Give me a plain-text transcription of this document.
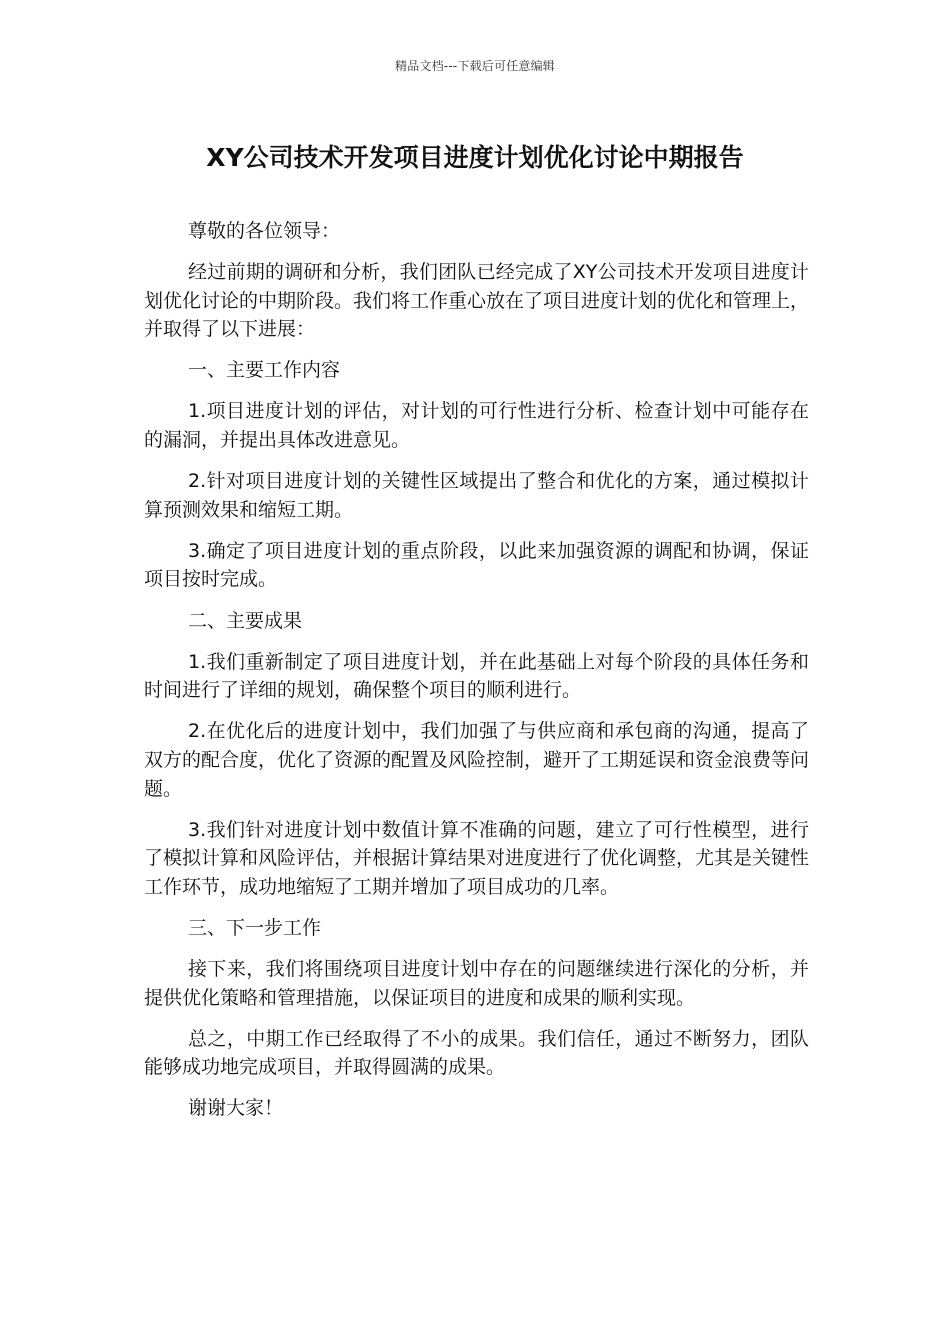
精品文档---下载后可任意编辑
XY公司技术开发项目进度计划优化讨论中期报告

尊敬的各位领导：

经过前期的调研和分析，我们团队已经完成了XY公司技术开发项目进度计划优化讨论的中期阶段。我们将工作重心放在了项目进度计划的优化和管理上，并取得了以下进展：

一、主要工作内容

1.项目进度计划的评估，对计划的可行性进行分析、检查计划中可能存在的漏洞，并提出具体改进意见。

2.针对项目进度计划的关键性区域提出了整合和优化的方案，通过模拟计算预测效果和缩短工期。

3.确定了项目进度计划的重点阶段，以此来加强资源的调配和协调，保证项目按时完成。

二、主要成果

1.我们重新制定了项目进度计划，并在此基础上对每个阶段的具体任务和时间进行了详细的规划，确保整个项目的顺利进行。

2.在优化后的进度计划中，我们加强了与供应商和承包商的沟通，提高了双方的配合度，优化了资源的配置及风险控制，避开了工期延误和资金浪费等问题。

3.我们针对进度计划中数值计算不准确的问题，建立了可行性模型，进行了模拟计算和风险评估，并根据计算结果对进度进行了优化调整，尤其是关键性工作环节，成功地缩短了工期并增加了项目成功的几率。

三、下一步工作

接下来，我们将围绕项目进度计划中存在的问题继续进行深化的分析，并提供优化策略和管理措施，以保证项目的进度和成果的顺利实现。

总之，中期工作已经取得了不小的成果。我们信任，通过不断努力，团队能够成功地完成项目，并取得圆满的成果。

谢谢大家！
